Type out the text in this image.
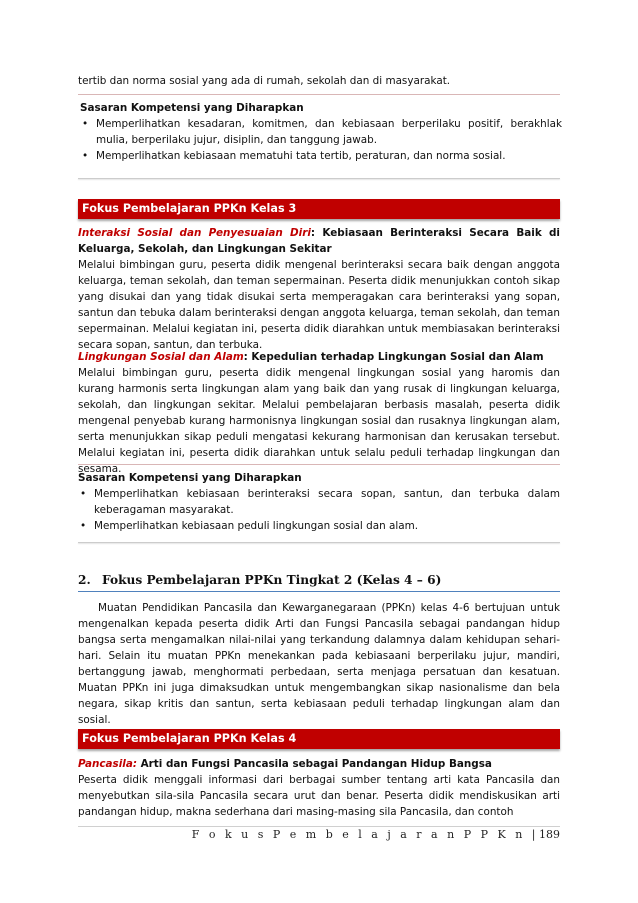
tertib dan norma sosial yang ada di rumah, sekolah dan di masyarakat.

Sasaran Kompetensi yang Diharapkan

• Memperlihatkan kesadaran, komitmen, dan kebiasaan berperilaku positif, berakhlak mulia, berperilaku jujur, disiplin, dan tanggung jawab.
• Memperlihatkan kebiasaan mematuhi tata tertib, peraturan, dan norma sosial.
Fokus Pembelajaran PPKn Kelas 3

Interaksi Sosial dan Penyesuaian Diri: Kebiasaan Berinteraksi Secara Baik di Keluarga, Sekolah, dan Lingkungan Sekitar

Melalui bimbingan guru, peserta didik mengenal berinteraksi secara baik dengan anggota keluarga, teman sekolah, dan teman sepermainan. Peserta didik menunjukkan contoh sikap yang disukai dan yang tidak disukai serta memperagakan cara berinteraksi yang sopan, santun dan tebuka dalam berinteraksi dengan anggota keluarga, teman sekolah, dan teman sepermainan. Melalui kegiatan ini, peserta didik diarahkan untuk membiasakan berinteraksi secara sopan, santun, dan terbuka.

Lingkungan Sosial dan Alam: Kepedulian terhadap Lingkungan Sosial dan Alam

Melalui bimbingan guru, peserta didik mengenal lingkungan sosial yang haromis dan kurang harmonis serta lingkungan alam yang baik dan yang rusak di lingkungan keluarga, sekolah, dan lingkungan sekitar. Melalui pembelajaran berbasis masalah, peserta didik mengenal penyebab kurang harmonisnya lingkungan sosial dan rusaknya lingkungan alam, serta menunjukkan sikap peduli mengatasi kekurang harmonisan dan kerusakan tersebut. Melalui kegiatan ini, peserta didik diarahkan untuk selalu peduli terhadap lingkungan dan sesama.

Sasaran Kompetensi yang Diharapkan

• Memperlihatkan kebiasaan berinteraksi secara sopan, santun, dan terbuka dalam keberagaman masyarakat.
• Memperlihatkan kebiasaan peduli lingkungan sosial dan alam.
2. Fokus Pembelajaran PPKn Tingkat 2 (Kelas 4 – 6)

Muatan Pendidikan Pancasila dan Kewarganegaraan (PPKn) kelas 4-6 bertujuan untuk mengenalkan kepada peserta didik Arti dan Fungsi Pancasila sebagai pandangan hidup bangsa serta mengamalkan nilai-nilai yang terkandung dalamnya dalam kehidupan sehari-hari. Selain itu muatan PPKn menekankan pada kebiasaani berperilaku jujur, mandiri, bertanggung jawab, menghormati perbedaan, serta menjaga persatuan dan kesatuan. Muatan PPKn ini juga dimaksudkan untuk mengembangkan sikap nasionalisme dan bela negara, sikap kritis dan santun, serta kebiasaan peduli terhadap lingkungan alam dan sosial.

Fokus Pembelajaran PPKn Kelas 4

Pancasila: Arti dan Fungsi Pancasila sebagai Pandangan Hidup Bangsa

Peserta didik menggali informasi dari berbagai sumber tentang arti kata Pancasila dan menyebutkan sila-sila Pancasila secara urut dan benar. Peserta didik mendiskusikan arti pandangan hidup, makna sederhana dari masing-masing sila Pancasila, dan contoh

F o k u s P e m b e l a j a r a n P P K n | 189
